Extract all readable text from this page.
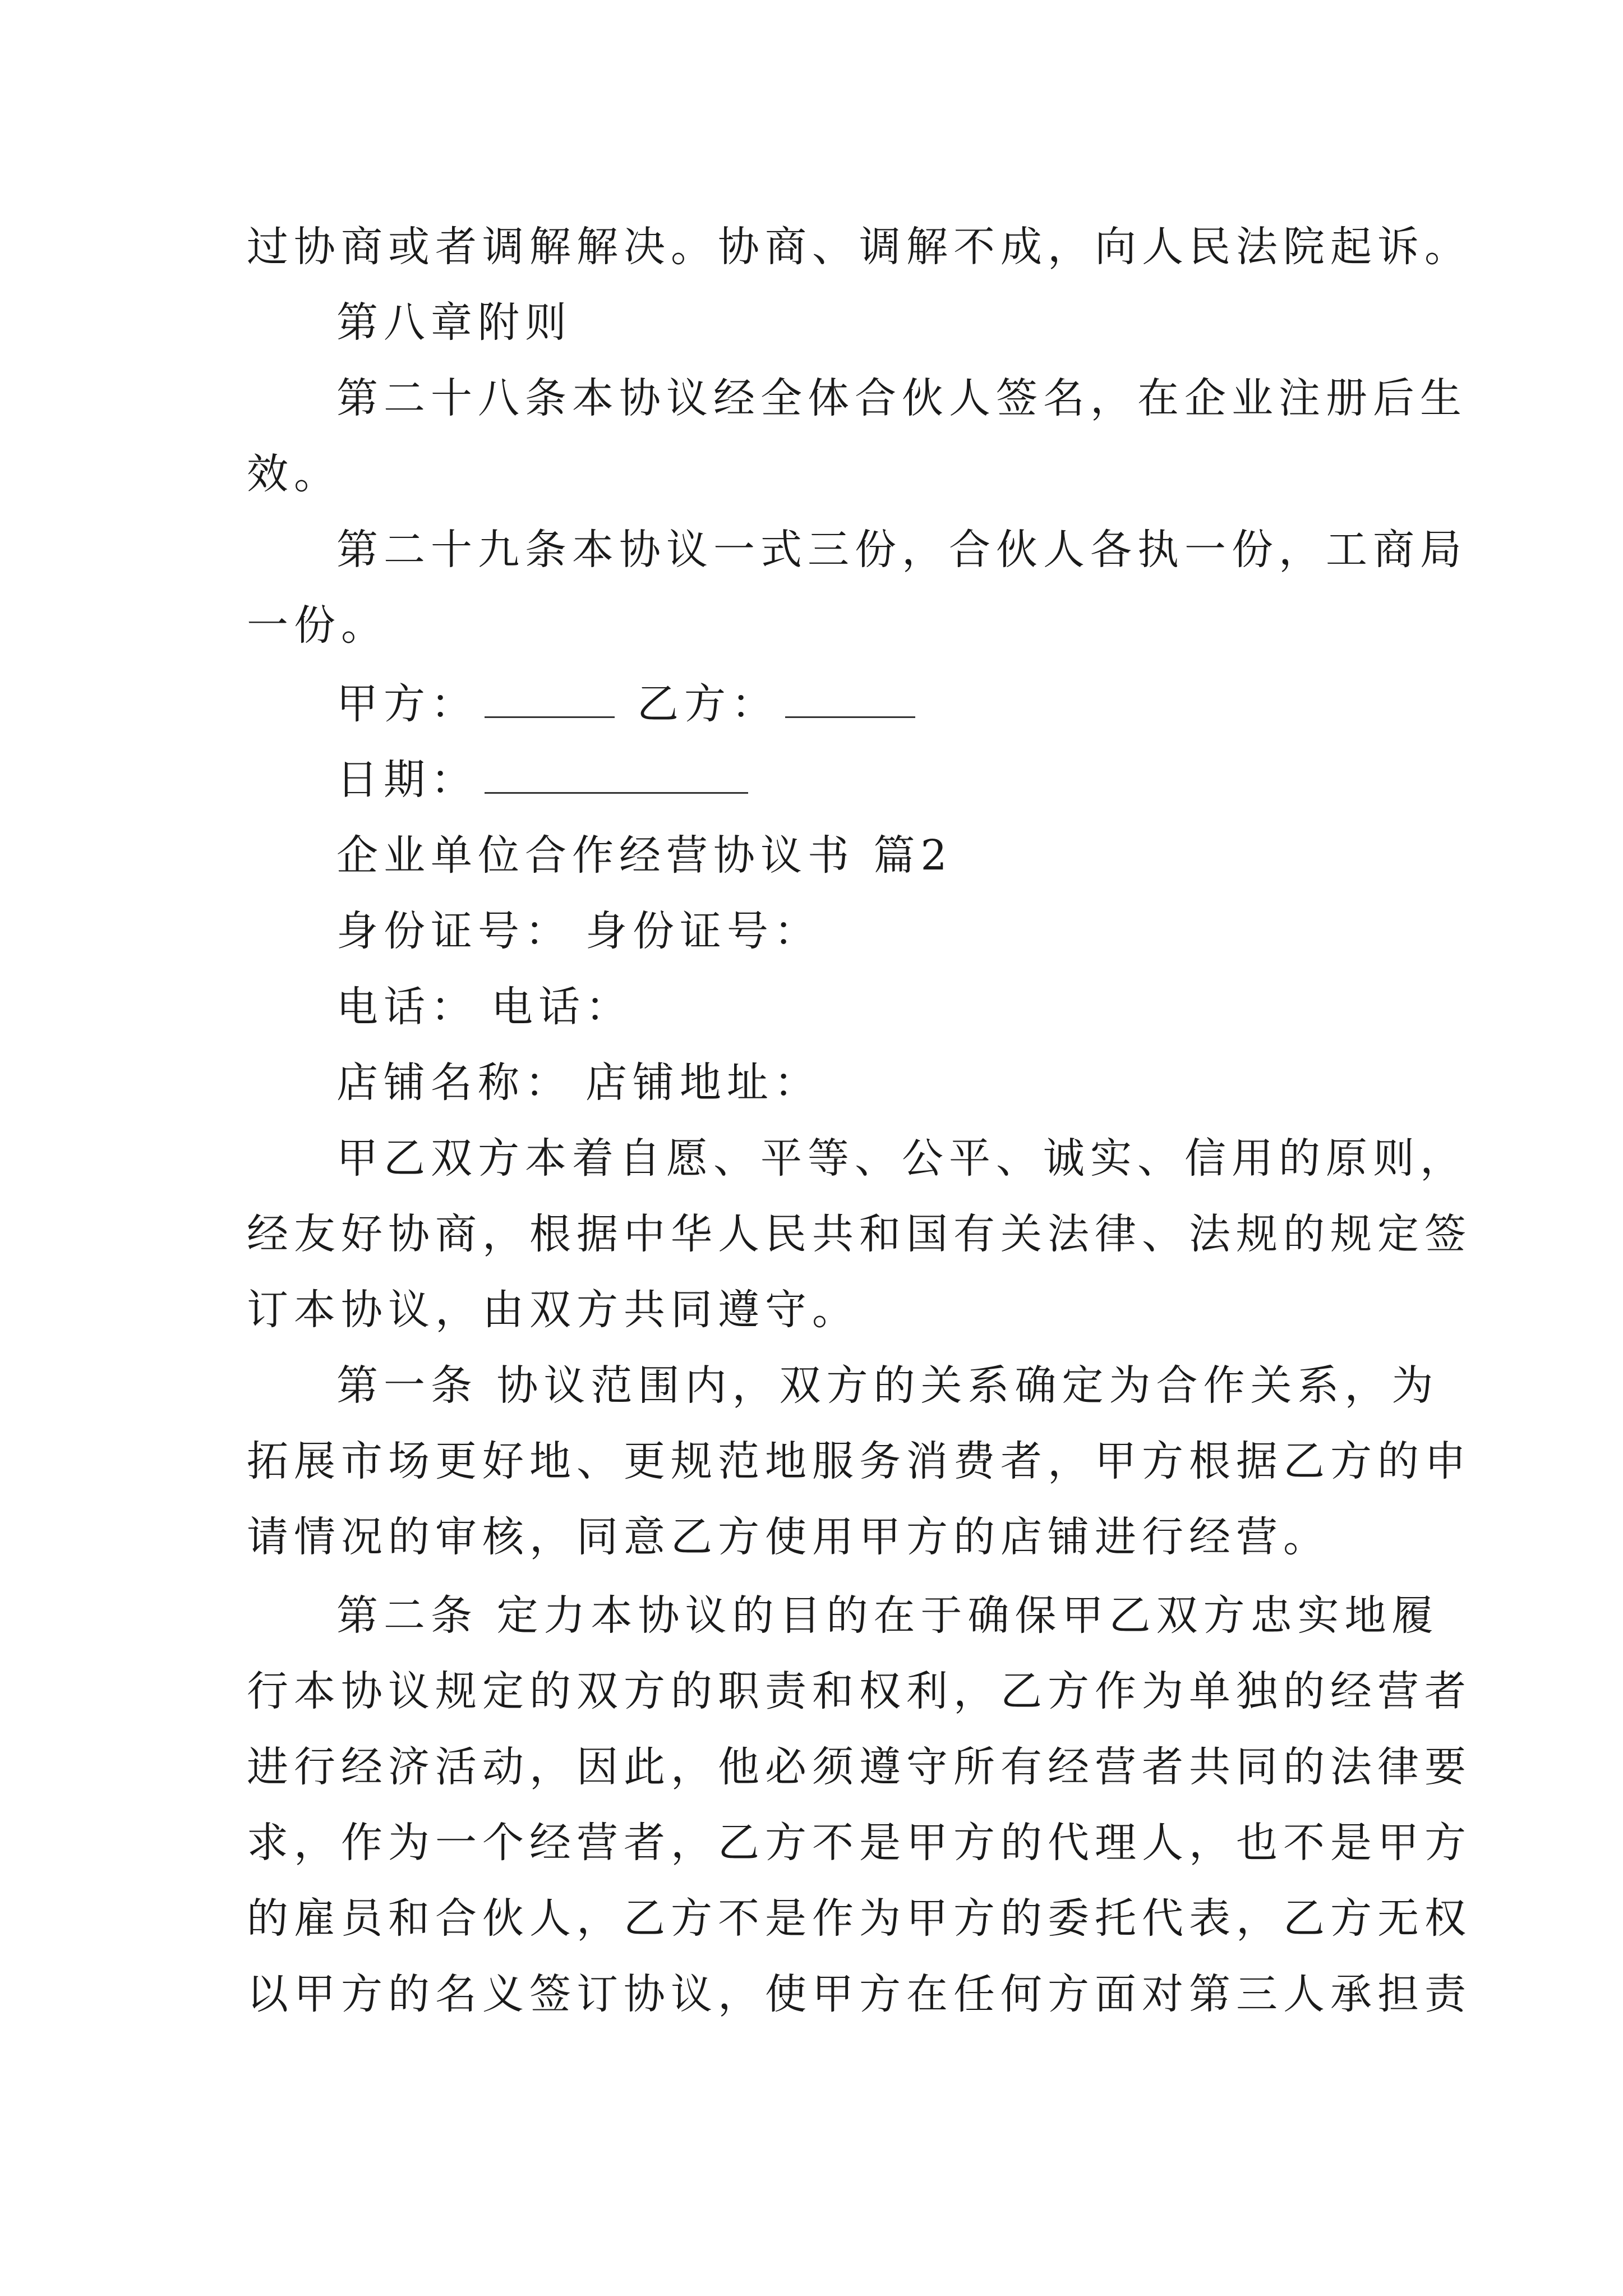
过协商或者调解解决。协商、调解不成，向人民法院起诉。
第八章附则
第二十八条本协议经全体合伙人签名，在企业注册后生
效。
第二十九条本协议一式三份，合伙人各执一份，工商局
一份。
甲方：	乙方：
日期：
企业单位合作经营协议书 篇2
身份证号： 身份证号：
电话： 电话：
店铺名称： 店铺地址：
甲乙双方本着自愿、平等、公平、诚实、信用的原则，
经友好协商，根据中华人民共和国有关法律、法规的规定签
订本协议，由双方共同遵守。
第一条 协议范围内，双方的关系确定为合作关系，为
拓展市场更好地、更规范地服务消费者，甲方根据乙方的申
请情况的审核，同意乙方使用甲方的店铺进行经营。
第二条 定力本协议的目的在于确保甲乙双方忠实地履
行本协议规定的双方的职责和权利，乙方作为单独的经营者
进行经济活动，因此，他必须遵守所有经营者共同的法律要
求，作为一个经营者，乙方不是甲方的代理人，也不是甲方
的雇员和合伙人，乙方不是作为甲方的委托代表，乙方无权
以甲方的名义签订协议，使甲方在任何方面对第三人承担责
